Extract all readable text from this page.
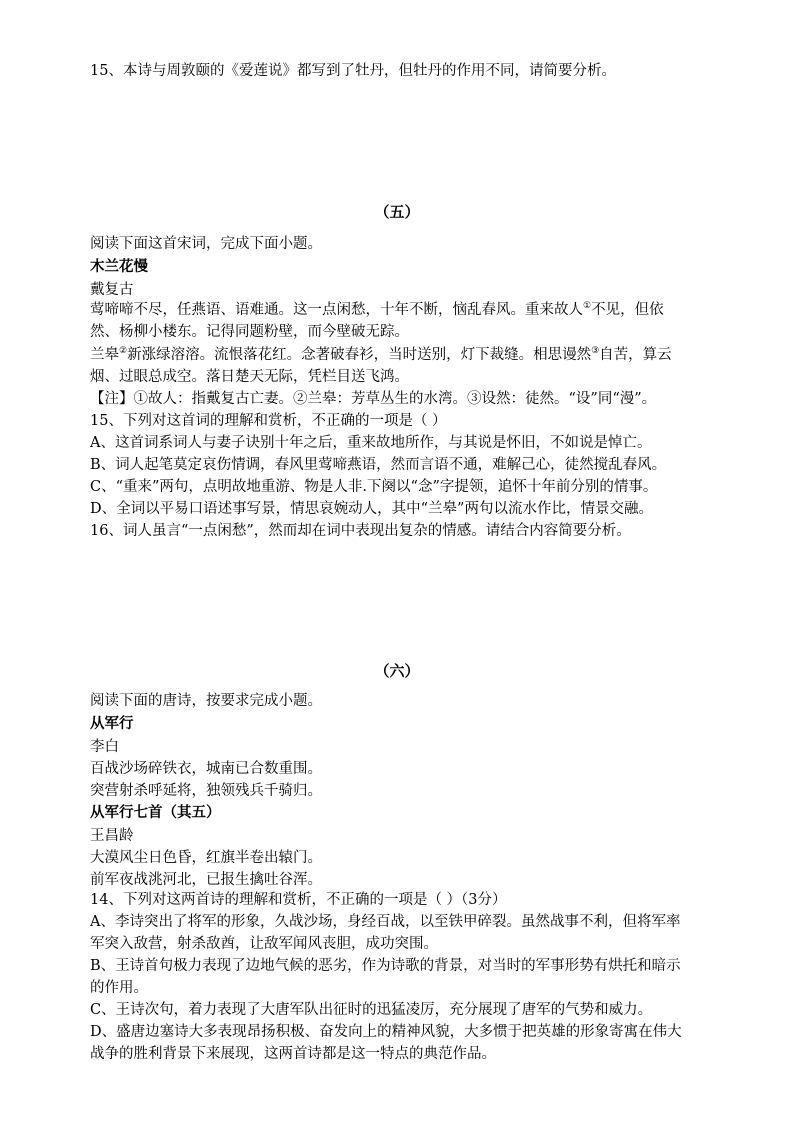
15、本诗与周敦颐的《爱莲说》都写到了牡丹，但牡丹的作用不同，请简要分析。
（五）
阅读下面这首宋词，完成下面小题。
木兰花慢
戴复古
莺啼啼不尽，任燕语、语难通。这一点闲愁，十年不断，恼乱春风。重来故人①不见，但依
然、杨柳小楼东。记得同题粉壁，而今壁破无踪。
兰皋②新涨绿溶溶。流恨落花红。念著破春衫，当时送别，灯下裁缝。相思谩然③自苦，算云
烟、过眼总成空。落日楚天无际，凭栏目送飞鸿。
【注】①故人：指戴复古亡妻。②兰皋：芳草丛生的水湾。③设然：徒然。“设”同“漫”。
15、下列对这首词的理解和赏析，不正确的一项是（ ）
A、这首词系词人与妻子诀别十年之后，重来故地所作，与其说是怀旧，不如说是悼亡。
B、词人起笔莫定哀伤情调，春风里莺啼燕语，然而言语不通，难解己心，徒然搅乱春风。
C、“重来”两句，点明故地重游、物是人非.下阕以“念”字提领，追怀十年前分别的情事。
D、全词以平易口语述事写景，情思哀婉动人，其中“兰皋”两句以流水作比，情景交融。
16、词人虽言“一点闲愁”，然而却在词中表现出复杂的情感。请结合内容简要分析。
（六）
阅读下面的唐诗，按要求完成小题。
从军行
李白
百战沙场碎铁衣，城南已合数重围。
突营射杀呼延将，独领残兵千骑归。
从军行七首（其五）
王昌龄
大漠风尘日色昏，红旗半卷出辕门。
前军夜战洮河北，已报生擒吐谷浑。
14、下列对这两首诗的理解和赏析，不正确的一项是（ ）（3分）
A、李诗突出了将军的形象，久战沙场，身经百战，以至铁甲碎裂。虽然战事不利，但将军率
军突入敌营，射杀敌酋，让敌军闻风丧胆，成功突围。
B、王诗首句极力表现了边地气候的恶劣，作为诗歌的背景，对当时的军事形势有烘托和暗示
的作用。
C、王诗次句，着力表现了大唐军队出征时的迅猛凌厉，充分展现了唐军的气势和威力。
D、盛唐边塞诗大多表现昂扬积极、奋发向上的精神风貌，大多惯于把英雄的形象寄寓在伟大
战争的胜利背景下来展现，这两首诗都是这一特点的典范作品。
